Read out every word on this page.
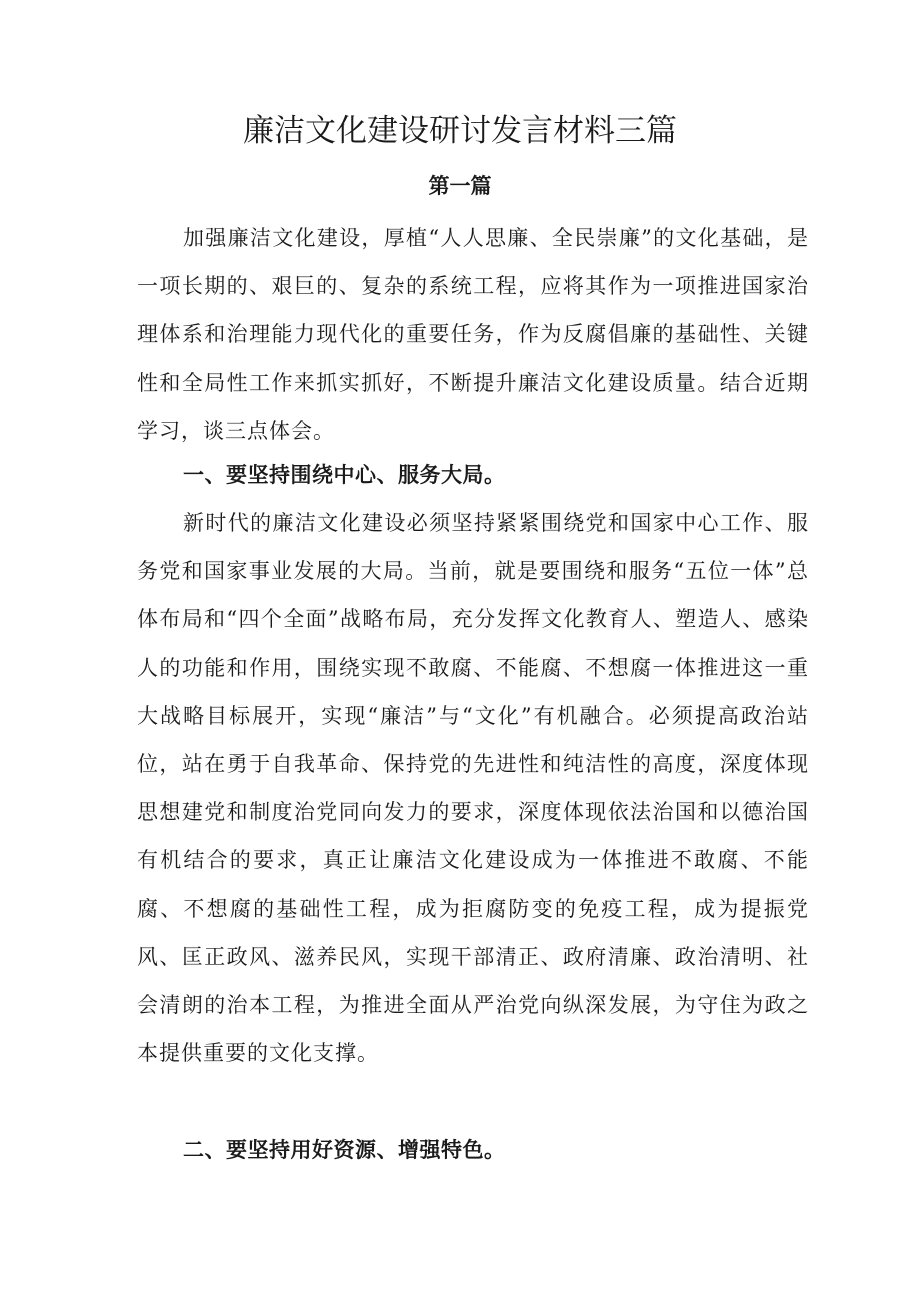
廉洁文化建设研讨发言材料三篇
第一篇

加强廉洁文化建设，厚植“人人思廉、全民崇廉”的文化基础，是一项长期的、艰巨的、复杂的系统工程，应将其作为一项推进国家治理体系和治理能力现代化的重要任务，作为反腐倡廉的基础性、关键性和全局性工作来抓实抓好，不断提升廉洁文化建设质量。结合近期学习，谈三点体会。

一、要坚持围绕中心、服务大局。

新时代的廉洁文化建设必须坚持紧紧围绕党和国家中心工作、服务党和国家事业发展的大局。当前，就是要围绕和服务“五位一体”总体布局和“四个全面”战略布局，充分发挥文化教育人、塑造人、感染人的功能和作用，围绕实现不敢腐、不能腐、不想腐一体推进这一重大战略目标展开，实现“廉洁”与“文化”有机融合。必须提高政治站位，站在勇于自我革命、保持党的先进性和纯洁性的高度，深度体现思想建党和制度治党同向发力的要求，深度体现依法治国和以德治国有机结合的要求，真正让廉洁文化建设成为一体推进不敢腐、不能腐、不想腐的基础性工程，成为拒腐防变的免疫工程，成为提振党风、匡正政风、滋养民风，实现干部清正、政府清廉、政治清明、社会清朗的治本工程，为推进全面从严治党向纵深发展，为守住为政之本提供重要的文化支撑。

二、要坚持用好资源、增强特色。
